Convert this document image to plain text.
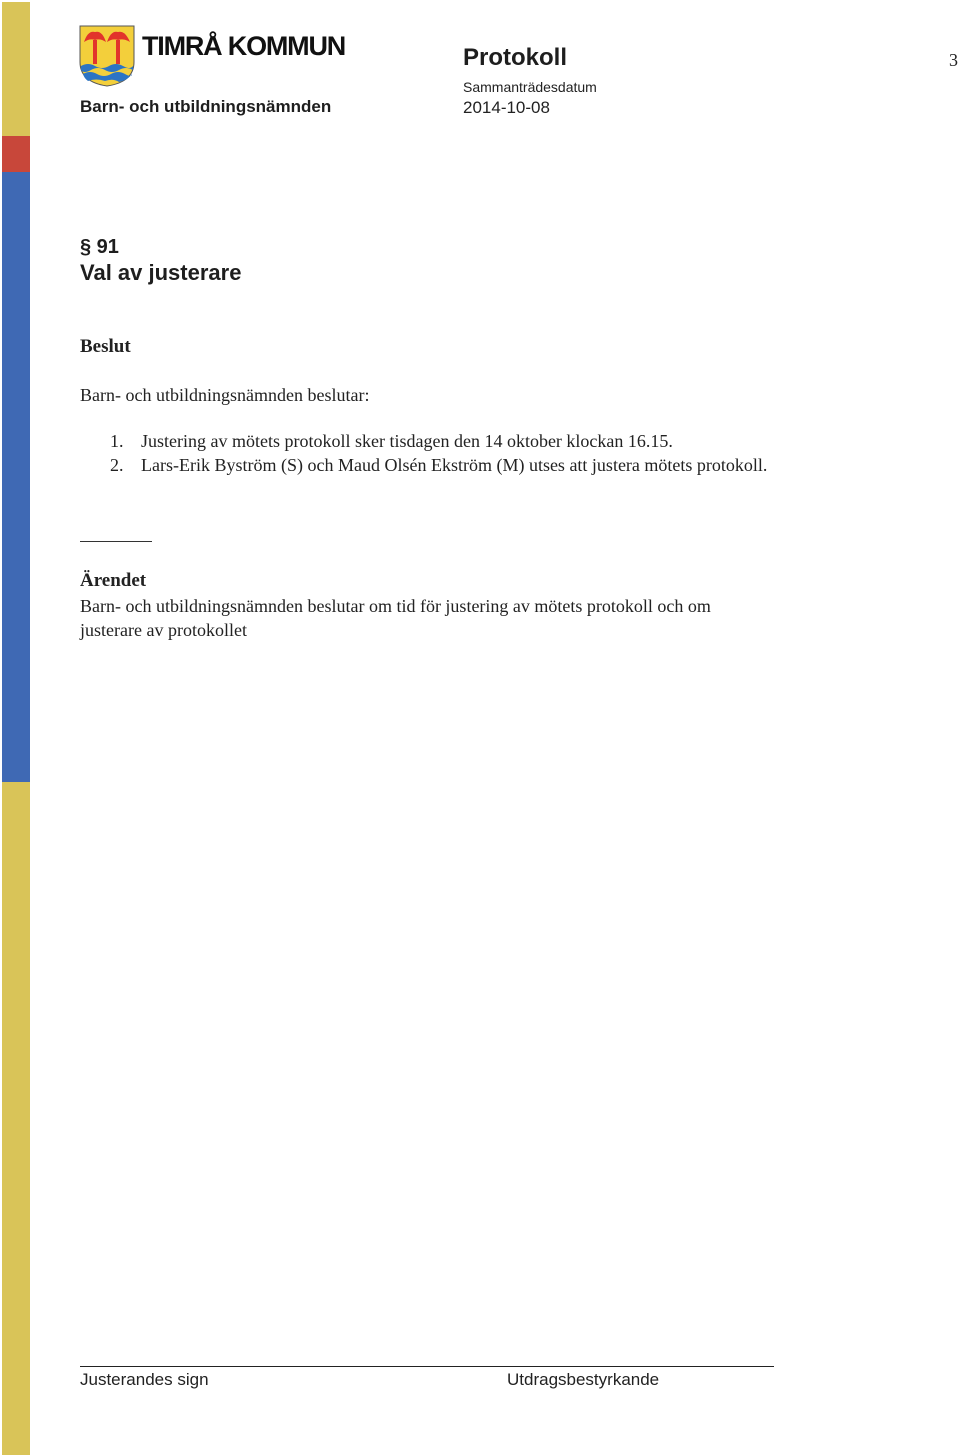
TIMRÅ KOMMUN
Barn- och utbildningsnämnden
Protokoll	3
Sammanträdesdatum
2014-10-08
§ 91
Val av justerare
Beslut
Barn- och utbildningsnämnden beslutar:
1. Justering av mötets protokoll sker tisdagen den 14 oktober klockan 16.15.
2. Lars-Erik Byström (S) och Maud Olsén Ekström (M) utses att justera mötets protokoll.
Ärendet
Barn- och utbildningsnämnden beslutar om tid för justering av mötets protokoll och om justerare av protokollet
Justerandes sign	Utdragsbestyrkande
